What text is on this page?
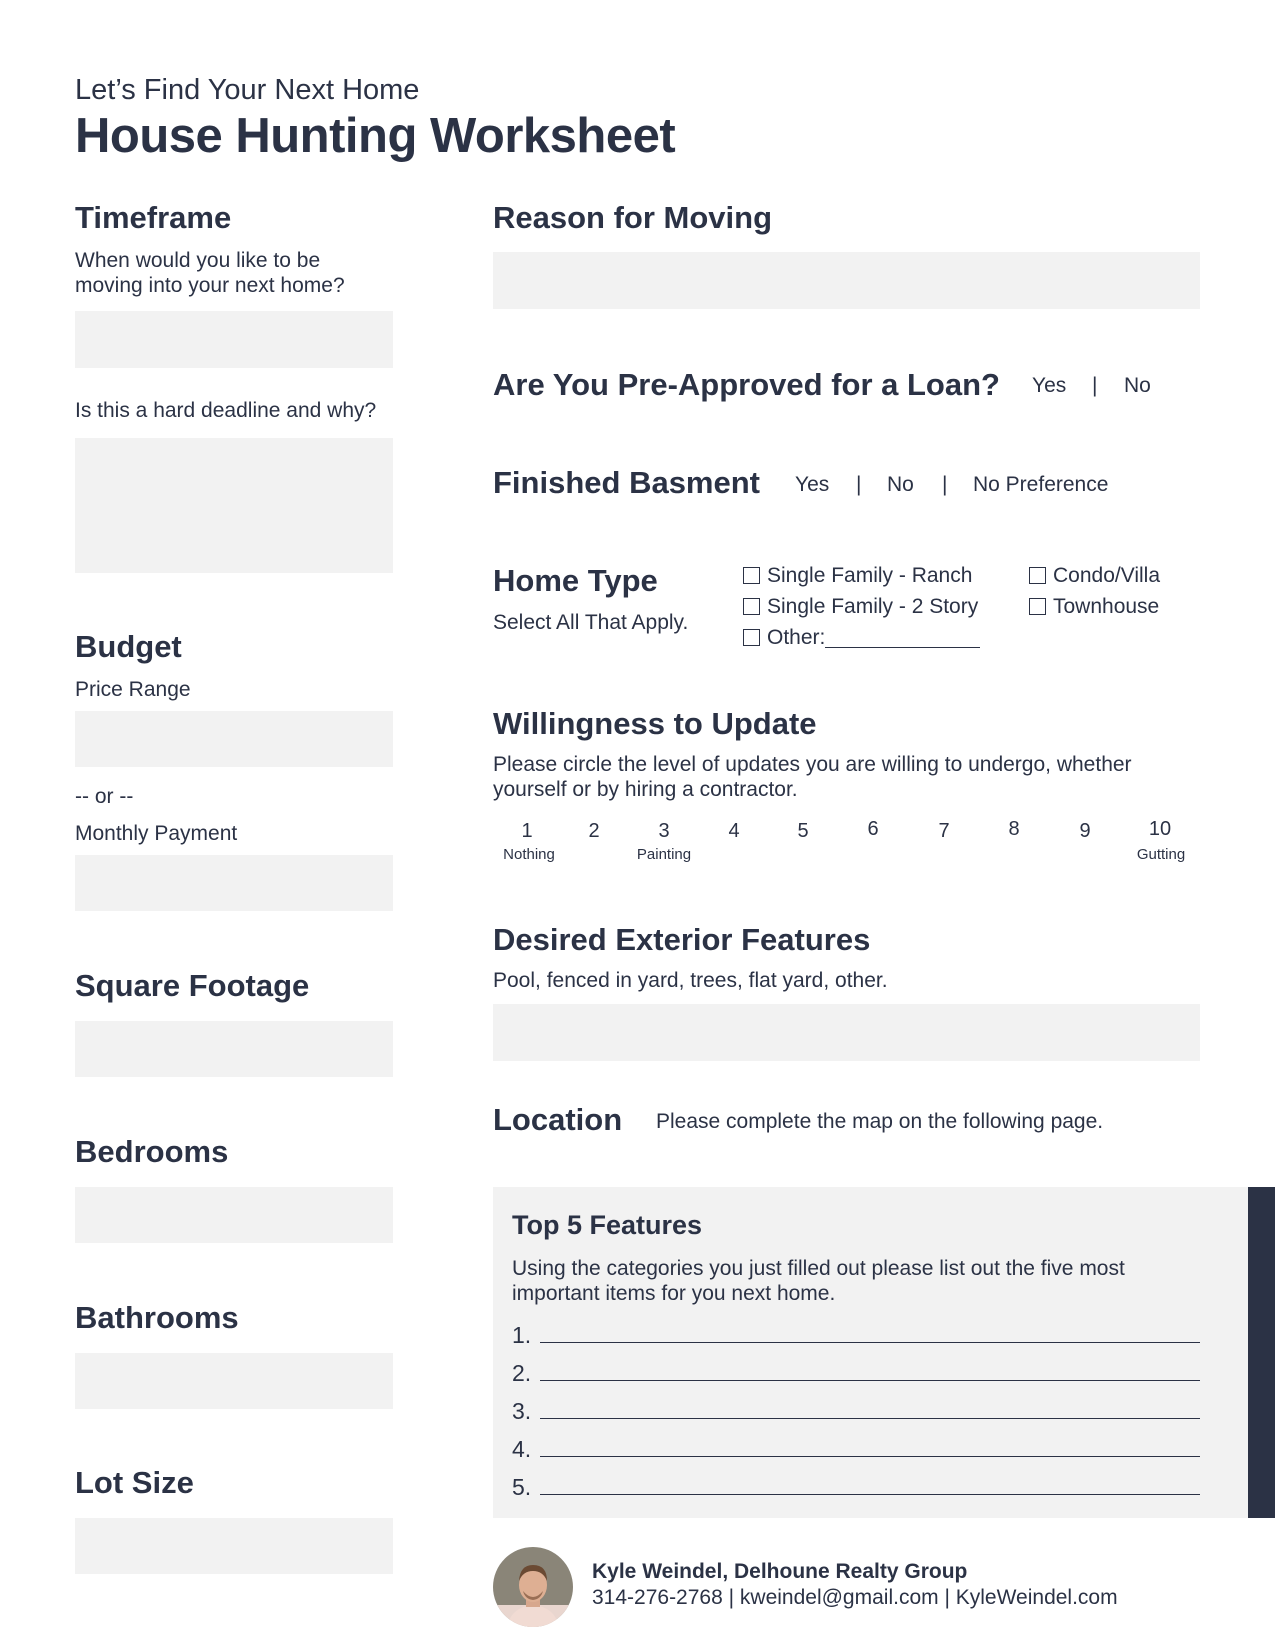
Let’s Find Your Next Home
House Hunting Worksheet
Timeframe
When would you like to be moving into your next home?
Is this a hard deadline and why?
Budget
Price Range
-- or --
Monthly Payment
Square Footage
Bedrooms
Bathrooms
Lot Size
Reason for Moving
Are You Pre-Approved for a Loan? Yes | No
Finished Basment Yes | No | No Preference
Home Type
Select All That Apply.
Single Family - Ranch
Single Family - 2 Story
Other:
Condo/Villa
Townhouse
Willingness to Update
Please circle the level of updates you are willing to undergo, whether yourself or by hiring a contractor.
1	2	3	4	5	6	7	8	9	10
Nothing	Painting	Gutting
Desired Exterior Features
Pool, fenced in yard, trees, flat yard, other.
Location Please complete the map on the following page.
Top 5 Features
Using the categories you just filled out please list out the five most important items for you next home.
1.
2.
3.
4.
5.
Kyle Weindel, Delhoune Realty Group
314-276-2768 | kweindel@gmail.com | KyleWeindel.com
